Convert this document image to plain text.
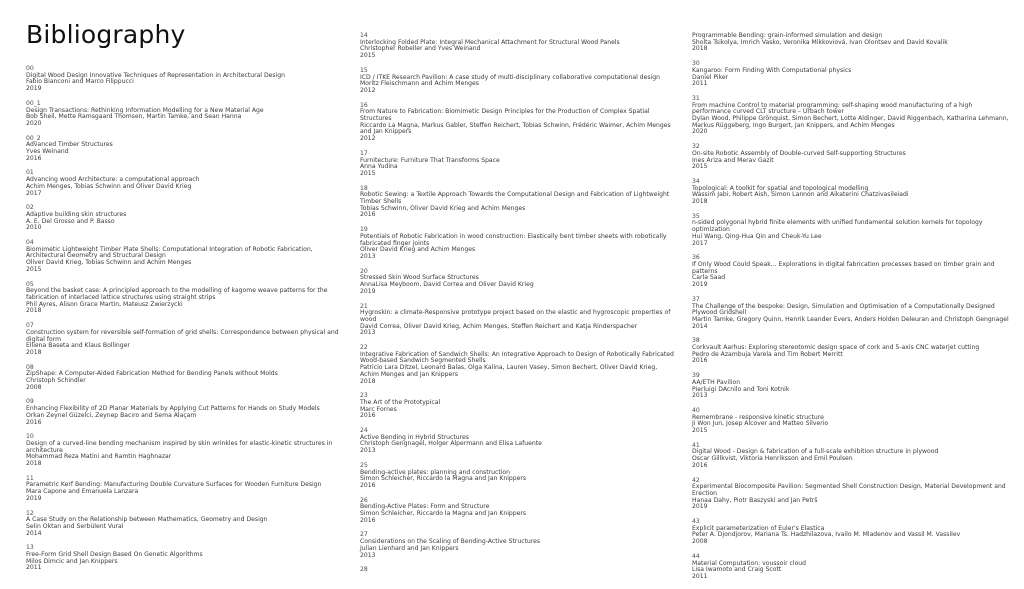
Bibliography
00
Digital Wood Design Innovative Techniques of Representation in Architectural Design
Fabio Bianconi and Marco Filippucci
2019
00_1
Design Transactions: Rethinking Information Modelling for a New Material Age
Bob Sheil, Mette Ramsgaard Thomsen, Martin Tamke, and Sean Hanna
2020
00_2
Advanced Timber Structures
Yves Weinand
2016
01
Advancing wood Architecture: a computational approach
Achim Menges, Tobias Schwinn and Oliver David Krieg
2017
02
Adaptive building skin structures
A. E. Del Grosso and P. Basso
2010
04
Biomimetic Lightweight Timber Plate Shells: Computational Integration of Robotic Fabrication, Architectural Geometry and Structural Design
Oliver David Krieg, Tobias Schwinn and Achim Menges
2015
05
Beyond the basket case: A principled approach to the modelling of kagome weave patterns for the fabrication of interlaced lattice structures using straight strips
Phil Ayres, Alison Grace Martin, Mateusz Zwierzycki
2018
07
Construction system for reversible self-formation of grid shells: Correspondence between physical and digital form
Elliena Baseta and Klaus Bollinger
2018
08
ZipShape: A Computer-Aided Fabrication Method for Bending Panels without Molds
Christoph Schindler
2008
09
Enhancing Flexibility of 2D Planar Materials by Applying Cut Patterns for Hands on Study Models
Orkan Zeynel Güzelci, Zeynep Bacıro and Sema Alaçam
2016
10
Design of a curved-line bending mechanism inspired by skin wrinkles for elastic-kinetic structures in architecture
Mohammad Reza Matini and Ramtin Haghnazar
2018
11
Parametric Kerf Bending: Manufacturing Double Curvature Surfaces for Wooden Furniture Design
Mara Capone and Emanuela Lanzara
2019
12
A Case Study on the Relationship between Mathematics, Geometry and Design
Selin Oktan and Serbülent Vural
2014
13
Free-Form Grid Shell Design Based On Genetic Algorithms
Milos Dimcic and Jan Knippers
2011
14
Interlocking Folded Plate: Integral Mechanical Attachment for Structural Wood Panels
Christopher Robeller and Yves Weinand
2015
15
ICD / ITKE Research Pavilion: A case study of multi-disciplinary collaborative computational design
Moritz Fleischmann and Achim Menges
2012
16
From Nature to Fabrication: Biomimetic Design Principles for the Production of Complex Spatial Structures
Riccardo La Magna, Markus Gabler, Steffen Reichert, Tobias Schwinn, Frédéric Waimer, Achim Menges and Jan Knippers
2012
17
Furnitecture: Furniture That Transforms Space
Anna Yudina
2015
18
Robotic Sewing: a Textile Approach Towards the Computational Design and Fabrication of Lightweight Timber Shells
Tobias Schwinn, Oliver David Krieg and Achim Menges
2016
19
Potentials of Robotic Fabrication in wood construction: Elastically bent timber sheets with robotically fabricated finger joints
Oliver David Krieg and Achim Menges
2013
20
Stressed Skin Wood Surface Structures
AnnaLisa Meyboom, David Correa and Oliver David Krieg
2019
21
Hygroskin: a climate-Responsive prototype project based on the elastic and hygroscopic properties of wood
David Correa, Oliver David Krieg, Achim Menges, Steffen Reichert and Katja Rinderspacher
2013
22
Integrative Fabrication of Sandwich Shells: An Integrative Approach to Design of Robotically Fabricated Wood-based Sandwich Segmented Shells
Patricio Lara Ditzel, Leonard Balas, Olga Kalina, Lauren Vasey, Simon Bechert, Oliver David Krieg, Achim Menges and Jan Knippers
2018
23
The Art of the Prototypical
Marc Fornes
2016
24
Active Bending in Hybrid Structures
Christoph Gengnagel, Holger Alpermann and Elisa Lafuente
2013
25
Bending-active plates: planning and construction
Simon Schleicher, Riccardo la Magna and Jan Knippers
2016
26
Bending-Active Plates: Form and Structure
Simon Schleicher, Riccardo la Magna and Jan Knippers
2016
27
Considerations on the Scaling of Bending-Active Structures
Julian Lienhard and Jan Knippers
2013
28
Programmable Bending: grain-informed simulation and design
Sholta Tsikolya, Imrich Vasko, Veronika Mikkoviová, Ivan Olontsev and David Kovalik
2018
30
Kangaroo: Form Finding With Computational physics
Daniel Piker
2011
31
From machine Control to material programming: self-shaping wood manufacturing of a high performance curved CLT structure – Urbach tower
Dylan Wood, Philippe Grönquist, Simon Bechert, Lotte Aldinger, David Riggenbach, Katharina Lehmann, Markus Rüggeberg, Ingo Burgert, Jan Knippers, and Achim Menges
2020
32
On-site Robotic Assembly of Double-curved Self-supporting Structures
Ines Ariza and Merav Gazit
2015
34
Topological: A toolkit for spatial and topological modelling
Wassim Jabi, Robert Aish, Simon Lannon and Aikaterini Chatzivasileiadi
2018
35
n-sided polygonal hybrid finite elements with unified fundamental solution kernels for topology optimization
Hui Wang, Qing-Hua Qin and Cheuk-Yu Lee
2017
36
If Only Wood Could Speak... Explorations in digital fabrication processes based on timber grain and patterns
Carla Saad
2019
37
The Challenge of the bespoke: Design, Simulation and Optimisation of a Computationally Designed Plywood Gridshell
Martin Tamke, Gregory Quinn, Henrik Leander Evers, Anders Holden Deleuran and Christoph Gengnagel
2014
38
Corkvault Aarhus: Exploring stereotomic design space of cork and 5-axis CNC waterjet cutting
Pedro de Azambuja Varela and Tim Robert Merritt
2016
39
AA/ETH Pavilion
Pierluigi DAcnilo and Toni Kotnik
2013
40
Remembrane - responsive kinetic structure
Ji Won Jun, Josep Alcover and Matteo Silverio
2015
41
Digital Wood - Design & fabrication of a full-scale exhibition structure in plywood
Oscar Gillkvist, Viktoria Henriksson and Emil Poulsen
2016
42
Experimental Biocomposite Pavilion: Segmented Shell Construction Design, Material Development and Erection
Hanaa Dahy, Piotr Baszyski and Jan Petrš
2019
43
Explicit parameterization of Euler's Elastica
Peter A. Djondjorov, Mariana Ts. Hadzhilazova, Ivailo M. Mladenov and Vassil M. Vassilev
2008
44
Material Computation: voussoir cloud
Lisa Iwamoto and Craig Scott
2011
